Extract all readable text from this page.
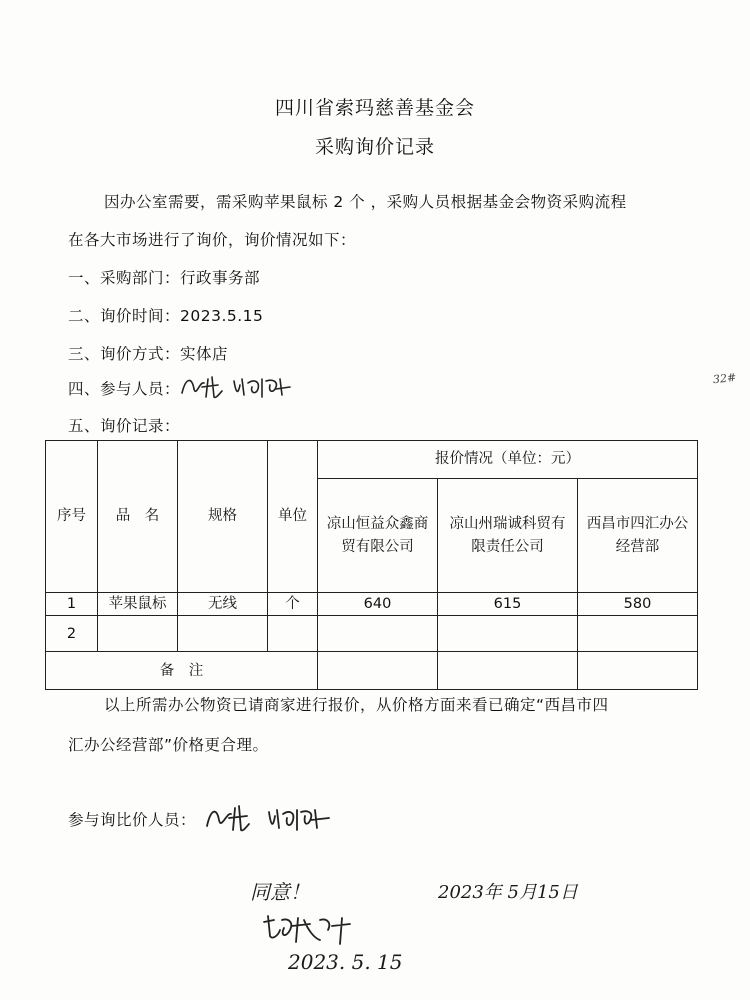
四川省索玛慈善基金会
采购询价记录
因办公室需要，需采购苹果鼠标 2 个 ，采购人员根据基金会物资采购流程
在各大市场进行了询价，询价情况如下：
一、采购部门：行政事务部
二、询价时间：2023.5.15
三、询价方式：实体店
四、参与人员：
五、询价记录：
32#
序号	品　名	规格	单位	报价情况（单位：元）		

				凉山恒益众鑫商贸有限公司	凉山州瑞诚科贸有限责任公司	西昌市四汇办公经营部

1	苹果鼠标	无线	个	640	615	580
2						
备　注						
以上所需办公物资已请商家进行报价，从价格方面来看已确定“西昌市四
汇办公经营部”价格更合理。
参与询比价人员：
同意！	2023年 5月15日
2023. 5. 15
